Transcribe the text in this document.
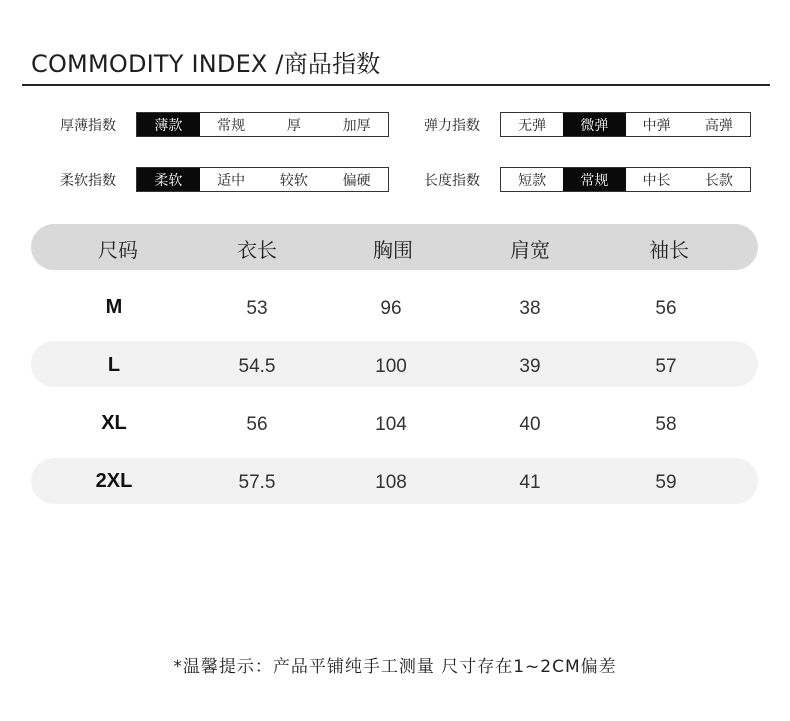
COMMODITY INDEX /商品指数
厚薄指数	薄款	常规	厚	加厚	弹力指数	无弹	微弹	中弹	高弹
柔软指数	柔软	适中	较软	偏硬	长度指数	短款	常规	中长	长款
尺码	衣长	胸围	肩宽	袖长
M	53	96	38	56
L	54.5	100	39	57
XL	56	104	40	58
2XL	57.5	108	41	59
*温馨提示：产品平铺纯手工测量 尺寸存在1~2CM偏差
